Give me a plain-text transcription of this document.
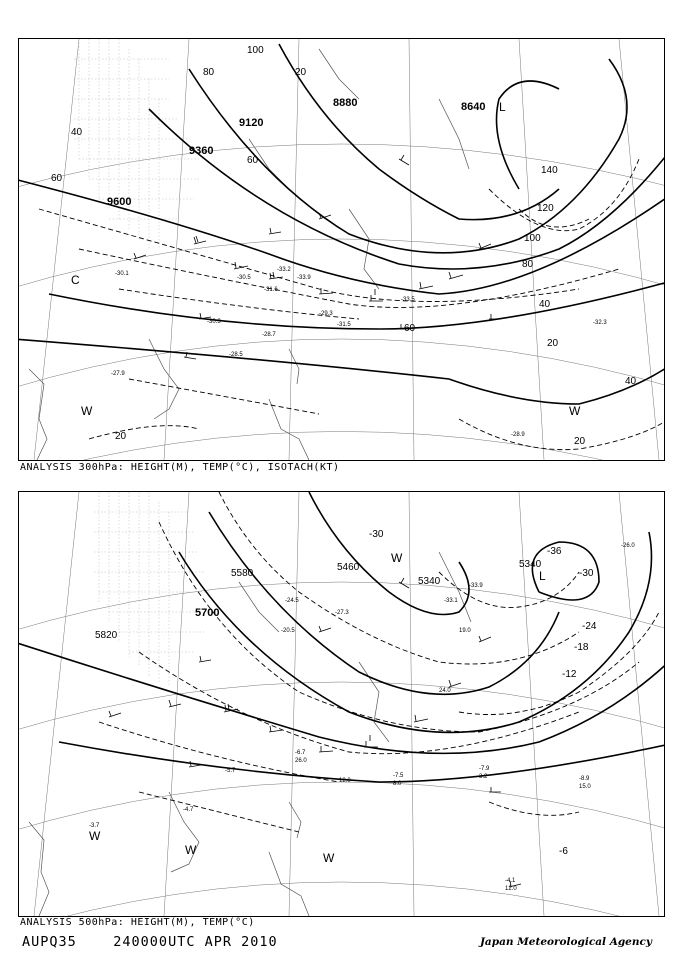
9600
9360
9120
8880	8640
100
80
60
40
20
120
140
40
20
20	20
60
40
60
100
80
-28.5
-29.3
-31.5
-33.5
-27.9
-28.9
-32.3
-30.3
-28.7
-30.1
-33.2
-30.5
-31.6
-33.9
C
W	W
L
ANALYSIS 300hPa: HEIGHT(M), TEMP(°C), ISOTACH(KT)
5820
5700
5580
5460
5340
5340
-30
-36
-30
-24
-18
-12
-6
-8.9
-7.5
-7.9
-5.7
-4.7
-3.7
-4.1
-6.7
-24.5
-27.3
-20.5
-33.9
-33.1
-26.0
15.0
8.0
3.2
12.0
19.0
24.0
12.0
26.0
W
W
W
W
L
ANALYSIS 500hPa: HEIGHT(M), TEMP(°C)
AUPQ35	240000UTC APR 2010	Japan Meteorological Agency
